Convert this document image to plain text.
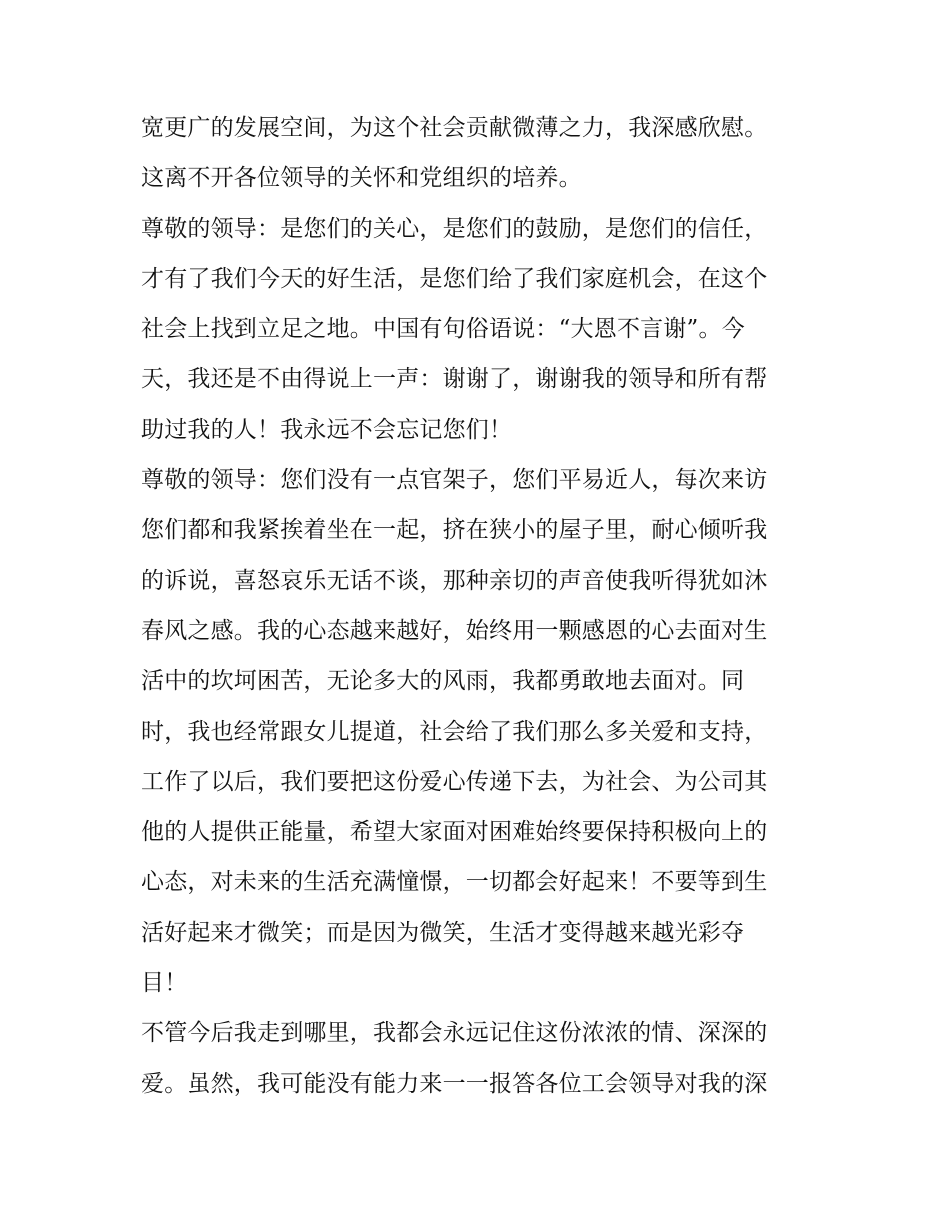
宽更广的发展空间，为这个社会贡献微薄之力，我深感欣慰。
这离不开各位领导的关怀和党组织的培养。
尊敬的领导：是您们的关心，是您们的鼓励，是您们的信任，
才有了我们今天的好生活，是您们给了我们家庭机会，在这个
社会上找到立足之地。中国有句俗语说：“大恩不言谢”。今
天，我还是不由得说上一声：谢谢了，谢谢我的领导和所有帮
助过我的人！我永远不会忘记您们！
尊敬的领导：您们没有一点官架子，您们平易近人，每次来访
您们都和我紧挨着坐在一起，挤在狭小的屋子里，耐心倾听我
的诉说，喜怒哀乐无话不谈，那种亲切的声音使我听得犹如沐
春风之感。我的心态越来越好，始终用一颗感恩的心去面对生
活中的坎坷困苦，无论多大的风雨，我都勇敢地去面对。同
时，我也经常跟女儿提道，社会给了我们那么多关爱和支持，
工作了以后，我们要把这份爱心传递下去，为社会、为公司其
他的人提供正能量，希望大家面对困难始终要保持积极向上的
心态，对未来的生活充满憧憬，一切都会好起来！不要等到生
活好起来才微笑；而是因为微笑，生活才变得越来越光彩夺
目！
不管今后我走到哪里，我都会永远记住这份浓浓的情、深深的
爱。虽然，我可能没有能力来一一报答各位工会领导对我的深
